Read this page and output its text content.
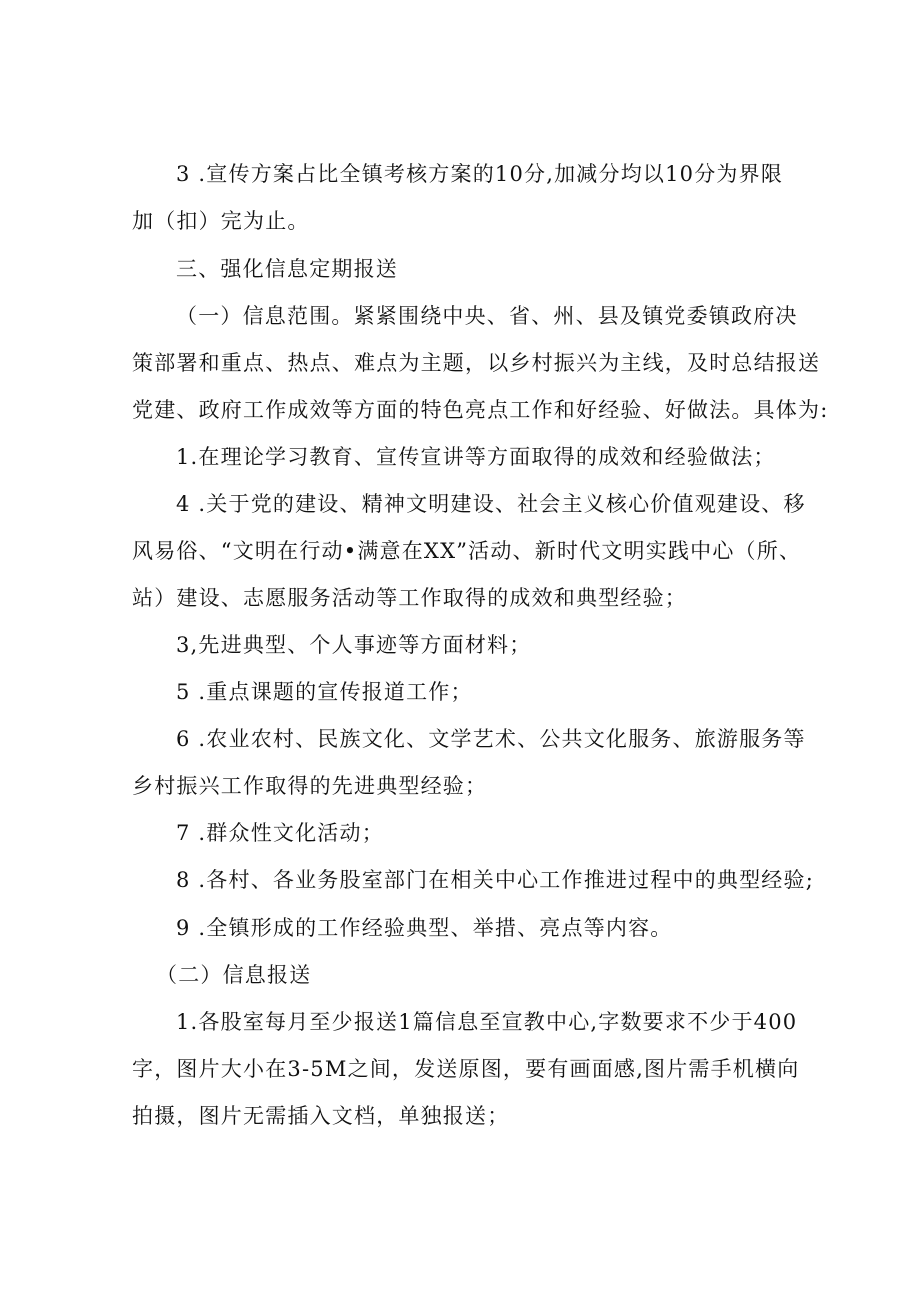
3 .宣传方案占比全镇考核方案的10分,加减分均以10分为界限

加（扣）完为止。

三、强化信息定期报送

（一）信息范围。紧紧围绕中央、省、州、县及镇党委镇政府决

策部署和重点、热点、难点为主题，以乡村振兴为主线，及时总结报送

党建、政府工作成效等方面的特色亮点工作和好经验、好做法。具体为:

1.在理论学习教育、宣传宣讲等方面取得的成效和经验做法；

4 .关于党的建设、精神文明建设、社会主义核心价值观建设、移

风易俗、“文明在行动•满意在XX”活动、新时代文明实践中心（所、

站）建设、志愿服务活动等工作取得的成效和典型经验；

3,先进典型、个人事迹等方面材料；

5 .重点课题的宣传报道工作；

6 .农业农村、民族文化、文学艺术、公共文化服务、旅游服务等

乡村振兴工作取得的先进典型经验；

7 .群众性文化活动；

8 .各村、各业务股室部门在相关中心工作推进过程中的典型经验;

9 .全镇形成的工作经验典型、举措、亮点等内容。

（二）信息报送

1.各股室每月至少报送1篇信息至宣教中心,字数要求不少于400

字，图片大小在3-5M之间，发送原图，要有画面感,图片需手机横向

拍摄，图片无需插入文档，单独报送；
